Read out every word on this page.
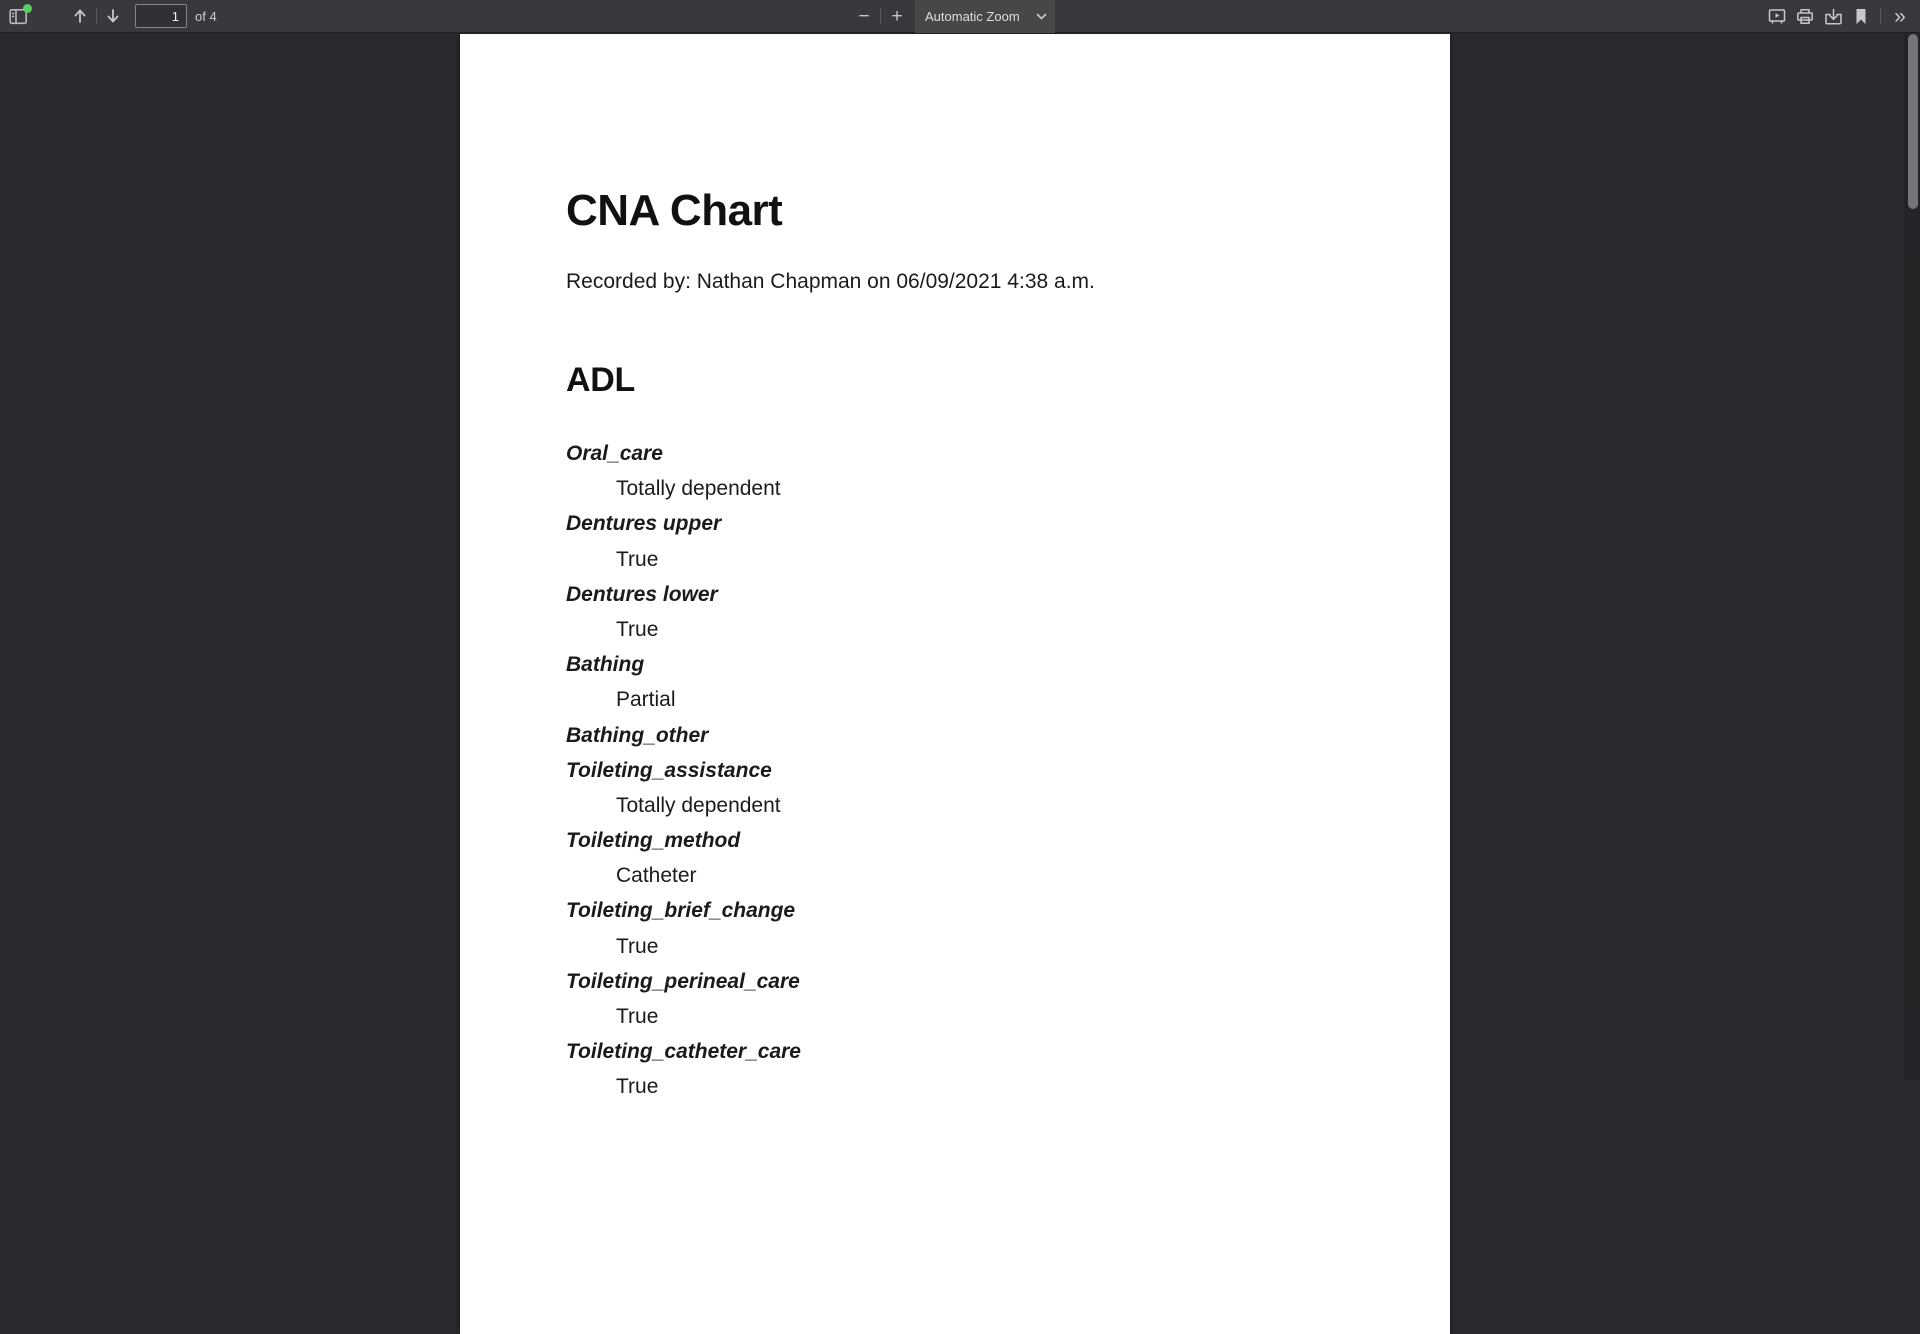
1
of 4	−	+	Automatic Zoom	»
CNA Chart
Recorded by: Nathan Chapman on 06/09/2021 4:38 a.m.
ADL
Oral_care
Totally dependent
Dentures upper
True
Dentures lower
True
Bathing
Partial
Bathing_other
Toileting_assistance
Totally dependent
Toileting_method
Catheter
Toileting_brief_change
True
Toileting_perineal_care
True
Toileting_catheter_care
True
